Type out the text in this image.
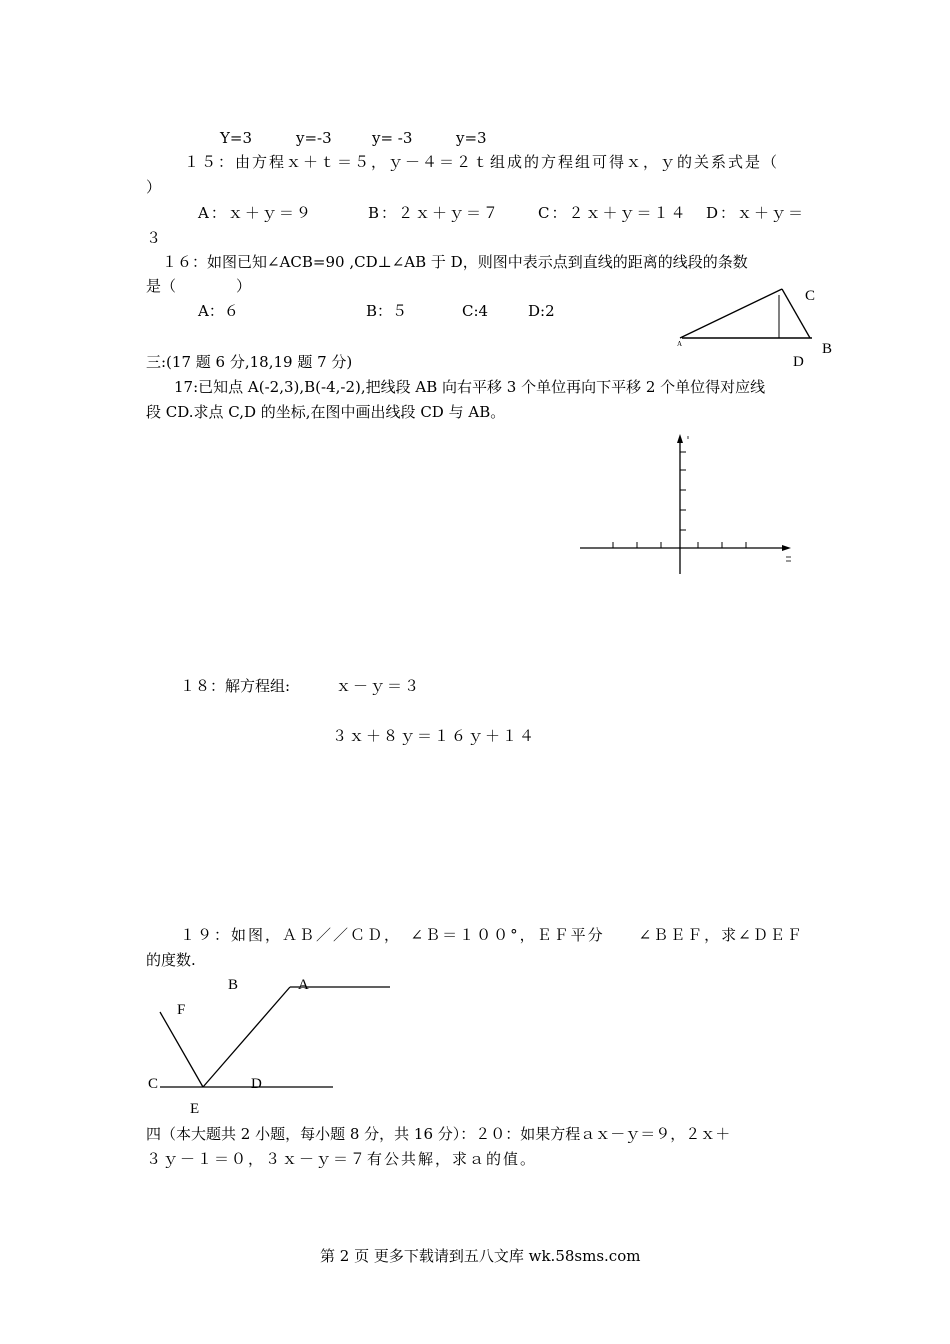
Y=3	y=-3	y= -3	y=3
１５：由方程ｘ＋ｔ＝５，ｙ－４＝２ｔ组成的方程组可得ｘ，ｙ的关系式是（
）
A：ｘ＋ｙ＝９	B：２ｘ＋ｙ＝７	C：２ｘ＋ｙ＝１４ D：ｘ＋ｙ＝
３
１６：如图已知∠ACB=90 ,CD⊥∠AB 于 D，则图中表示点到直线的距离的线段的条数
是（　　　　）
A：６	B：５	C:4	D:2
A
C
B
D
三:(17 题 6 分,18,19 题 7 分)
17:已知点 A(-2,3),B(-4,-2),把线段 AB 向右平移 3 个单位再向下平移 2 个单位得对应线
段 CD.求点 C,D 的坐标,在图中画出线段 CD 与 AB。
１８：解方程组:	ｘ－ｙ＝３
３ｘ＋８ｙ＝１６ｙ＋１４
１９：如图，ＡＢ／／ＣＤ，　∠Ｂ＝１００°，ＥＦ平分　　∠ＢＥＦ，求∠ＤＥＦ
的度数.
B	A
F
C	D
E
四（本大题共 2 小题，每小题 8 分，共 16 分）：２０：如果方程ａｘ－ｙ＝９，２ｘ＋
３ｙ－１＝０，３ｘ－ｙ＝７有公共解，求ａ的值。
第 2 页 更多下载请到五八文库 wk.58sms.com
